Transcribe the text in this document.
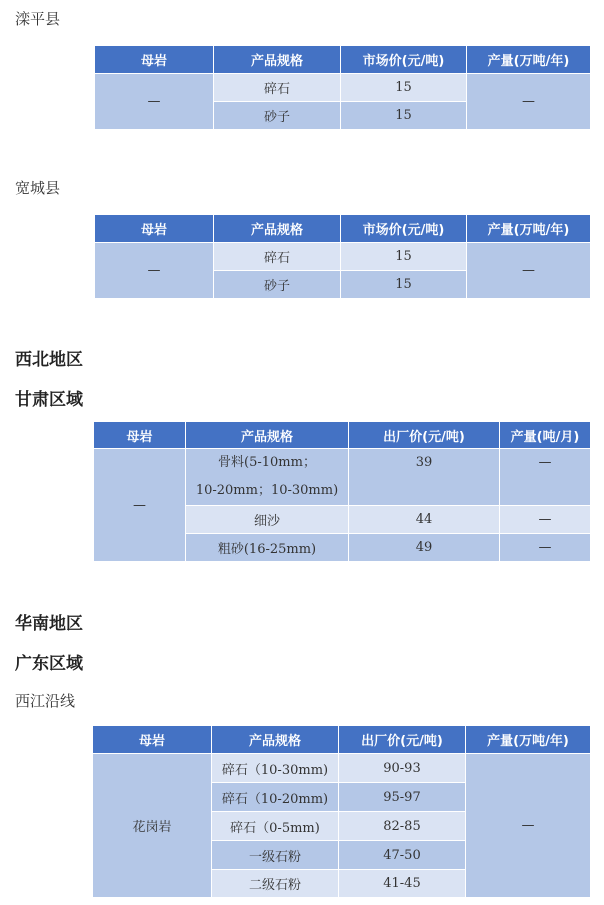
滦平县
母岩	产品规格	市场价(元/吨)	产量(万吨/年)
—	碎石	15	—
	砂子	15	
宽城县
母岩	产品规格	市场价(元/吨)	产量(万吨/年)
—	碎石	15	—
	砂子	15	
西北地区
甘肃区域
母岩	产品规格	出厂价(元/吨)	产量(吨/月)
—	骨料(5-10mm；
10-20mm；10-30mm)	39	—
	细沙	44	—
	粗砂(16-25mm)	49	—
华南地区
广东区域
西江沿线
母岩	产品规格	出厂价(元/吨)	产量(万吨/年)
花岗岩	碎石（10-30mm)	90-93	—
	碎石（10-20mm)	95-97	
	碎石（0-5mm)	82-85	
	一级石粉	47-50	
	二级石粉	41-45	
